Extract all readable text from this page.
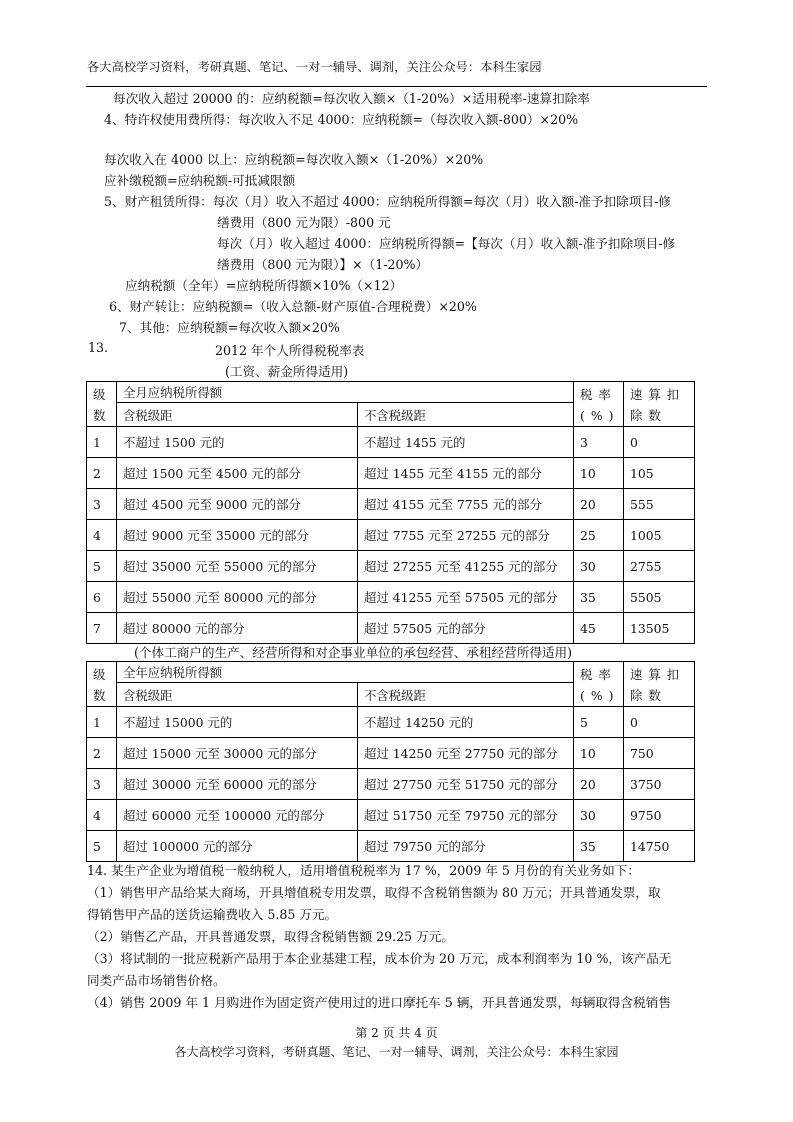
各大高校学习资料，考研真题、笔记、一对一辅导、调剂，关注公众号：本科生家园
每次收入超过 20000 的：应纳税额=每次收入额×（1-20%）×适用税率-速算扣除率
4、特许权使用费所得：每次收入不足 4000：应纳税额=（每次收入额-800）×20%
每次收入在 4000 以上：应纳税额=每次收入额×（1-20%）×20%
应补缴税额=应纳税额-可抵减限额
5、财产租赁所得：每次（月）收入不超过 4000：应纳税所得额=每次（月）收入额-准予扣除项目-修
缮费用（800 元为限）-800 元
每次（月）收入超过 4000：应纳税所得额=【每次（月）收入额-准予扣除项目-修
缮费用（800 元为限）】×（1-20%）
应纳税额（全年）=应纳税所得额×10%（×12）
6、财产转让：应纳税额=（收入总额-财产原值-合理税费）×20%
7、其他：应纳税额=每次收入额×20%
13.	2012 年个人所得税税率表
(工资、薪金所得适用)
级数	全月应纳税所得额		税率(%)	速算扣除数
	含税级距	不含税级距		
1	不超过 1500 元的	不超过 1455 元的	3	0
2	超过 1500 元至 4500 元的部分	超过 1455 元至 4155 元的部分	10	105
3	超过 4500 元至 9000 元的部分	超过 4155 元至 7755 元的部分	20	555
4	超过 9000 元至 35000 元的部分	超过 7755 元至 27255 元的部分	25	1005
5	超过 35000 元至 55000 元的部分	超过 27255 元至 41255 元的部分	30	2755
6	超过 55000 元至 80000 元的部分	超过 41255 元至 57505 元的部分	35	5505
7	超过 80000 元的部分	超过 57505 元的部分	45	13505
(个体工商户的生产、经营所得和对企事业单位的承包经营、承租经营所得适用)
级数	全年应纳税所得额		税率(%)	速算扣除数
	含税级距	不含税级距		
1	不超过 15000 元的	不超过 14250 元的	5	0
2	超过 15000 元至 30000 元的部分	超过 14250 元至 27750 元的部分	10	750
3	超过 30000 元至 60000 元的部分	超过 27750 元至 51750 元的部分	20	3750
4	超过 60000 元至 100000 元的部分	超过 51750 元至 79750 元的部分	30	9750
5	超过 100000 元的部分	超过 79750 元的部分	35	14750
14. 某生产企业为增值税一般纳税人，适用增值税税率为 17 %，2009 年 5 月份的有关业务如下：
（1）销售甲产品给某大商场，开具增值税专用发票，取得不含税销售额为 80 万元；开具普通发票，取
得销售甲产品的送货运输费收入 5.85 万元。
（2）销售乙产品，开具普通发票，取得含税销售额 29.25 万元。
（3）将试制的一批应税新产品用于本企业基建工程，成本价为 20 万元，成本利润率为 10 %，该产品无
同类产品市场销售价格。
（4）销售 2009 年 1 月购进作为固定资产使用过的进口摩托车 5 辆，开具普通发票，每辆取得含税销售
第 2 页 共 4 页
各大高校学习资料，考研真题、笔记、一对一辅导、调剂，关注公众号：本科生家园
